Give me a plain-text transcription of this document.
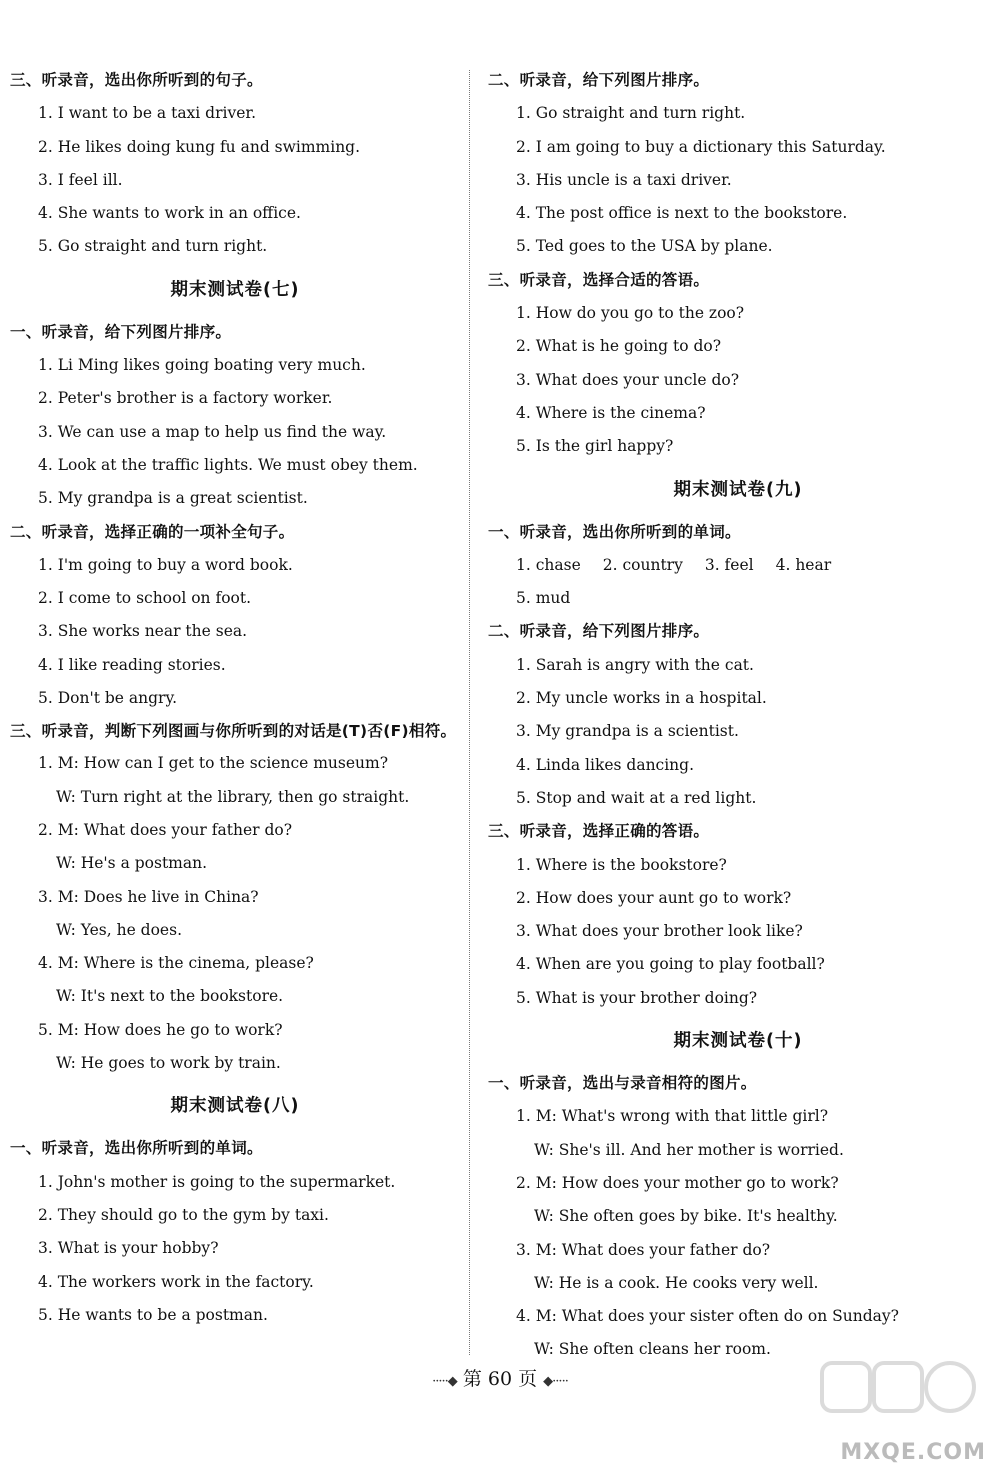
三、听录音，选出你所听到的句子。
1. I want to be a taxi driver.
2. He likes doing kung fu and swimming.
3. I feel ill.
4. She wants to work in an office.
5. Go straight and turn right.
期末测试卷(七)
一、听录音，给下列图片排序。
1. Li Ming likes going boating very much.
2. Peter's brother is a factory worker.
3. We can use a map to help us find the way.
4. Look at the traffic lights. We must obey them.
5. My grandpa is a great scientist.
二、听录音，选择正确的一项补全句子。
1. I'm going to buy a word book.
2. I come to school on foot.
3. She works near the sea.
4. I like reading stories.
5. Don't be angry.
三、听录音，判断下列图画与你所听到的对话是(T)否(F)相符。
1. M: How can I get to the science museum?
W: Turn right at the library, then go straight.
2. M: What does your father do?
W: He's a postman.
3. M: Does he live in China?
W: Yes, he does.
4. M: Where is the cinema, please?
W: It's next to the bookstore.
5. M: How does he go to work?
W: He goes to work by train.
期末测试卷(八)
一、听录音，选出你所听到的单词。
1. John's mother is going to the supermarket.
2. They should go to the gym by taxi.
3. What is your hobby?
4. The workers work in the factory.
5. He wants to be a postman.
二、听录音，给下列图片排序。
1. Go straight and turn right.
2. I am going to buy a dictionary this Saturday.
3. His uncle is a taxi driver.
4. The post office is next to the bookstore.
5. Ted goes to the USA by plane.
三、听录音，选择合适的答语。
1. How do you go to the zoo?
2. What is he going to do?
3. What does your uncle do?
4. Where is the cinema?
5. Is the girl happy?
期末测试卷(九)
一、听录音，选出你所听到的单词。
1. chase 2. country 3. feel 4. hear
5. mud
二、听录音，给下列图片排序。
1. Sarah is angry with the cat.
2. My uncle works in a hospital.
3. My grandpa is a scientist.
4. Linda likes dancing.
5. Stop and wait at a red light.
三、听录音，选择正确的答语。
1. Where is the bookstore?
2. How does your aunt go to work?
3. What does your brother look like?
4. When are you going to play football?
5. What is your brother doing?
期末测试卷(十)
一、听录音，选出与录音相符的图片。
1. M: What's wrong with that little girl?
W: She's ill. And her mother is worried.
2. M: How does your mother go to work?
W: She often goes by bike. It's healthy.
3. M: What does your father do?
W: He is a cook. He cooks very well.
4. M: What does your sister often do on Sunday?
W: She often cleans her room.
·····◆ 第 60 页 ◆·····
MXQE.COM
